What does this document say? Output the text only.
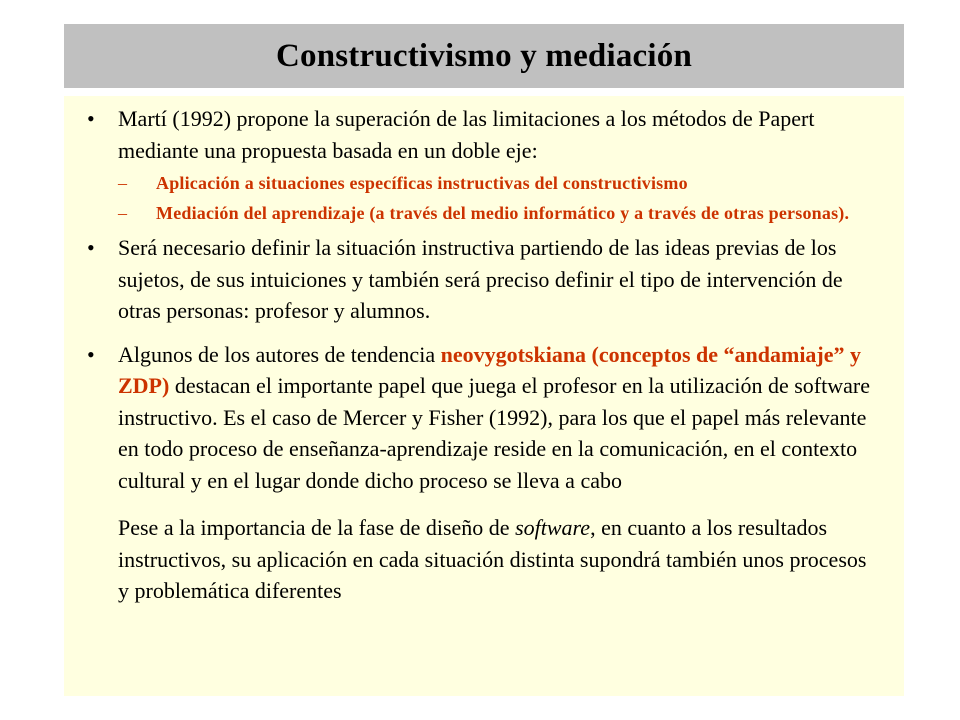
Constructivismo y mediación
• Martí (1992) propone la superación de las limitaciones a los métodos de Papert mediante una propuesta basada en un doble eje:
– Aplicación a situaciones específicas instructivas del constructivismo
– Mediación del aprendizaje (a través del medio informático y a través de otras personas).
• Será necesario definir la situación instructiva partiendo de las ideas previas de los sujetos, de sus intuiciones y también será preciso definir el tipo de intervención de otras personas: profesor y alumnos.
• Algunos de los autores de tendencia neovygotskiana (conceptos de “andamiaje” y ZDP) destacan el importante papel que juega el profesor en la utilización de software instructivo. Es el caso de Mercer y Fisher (1992), para los que el papel más relevante en todo proceso de enseñanza-aprendizaje reside en la comunicación, en el contexto cultural y en el lugar donde dicho proceso se lleva a cabo
Pese a la importancia de la fase de diseño de software, en cuanto a los resultados instructivos, su aplicación en cada situación distinta supondrá también unos procesos y problemática diferentes
